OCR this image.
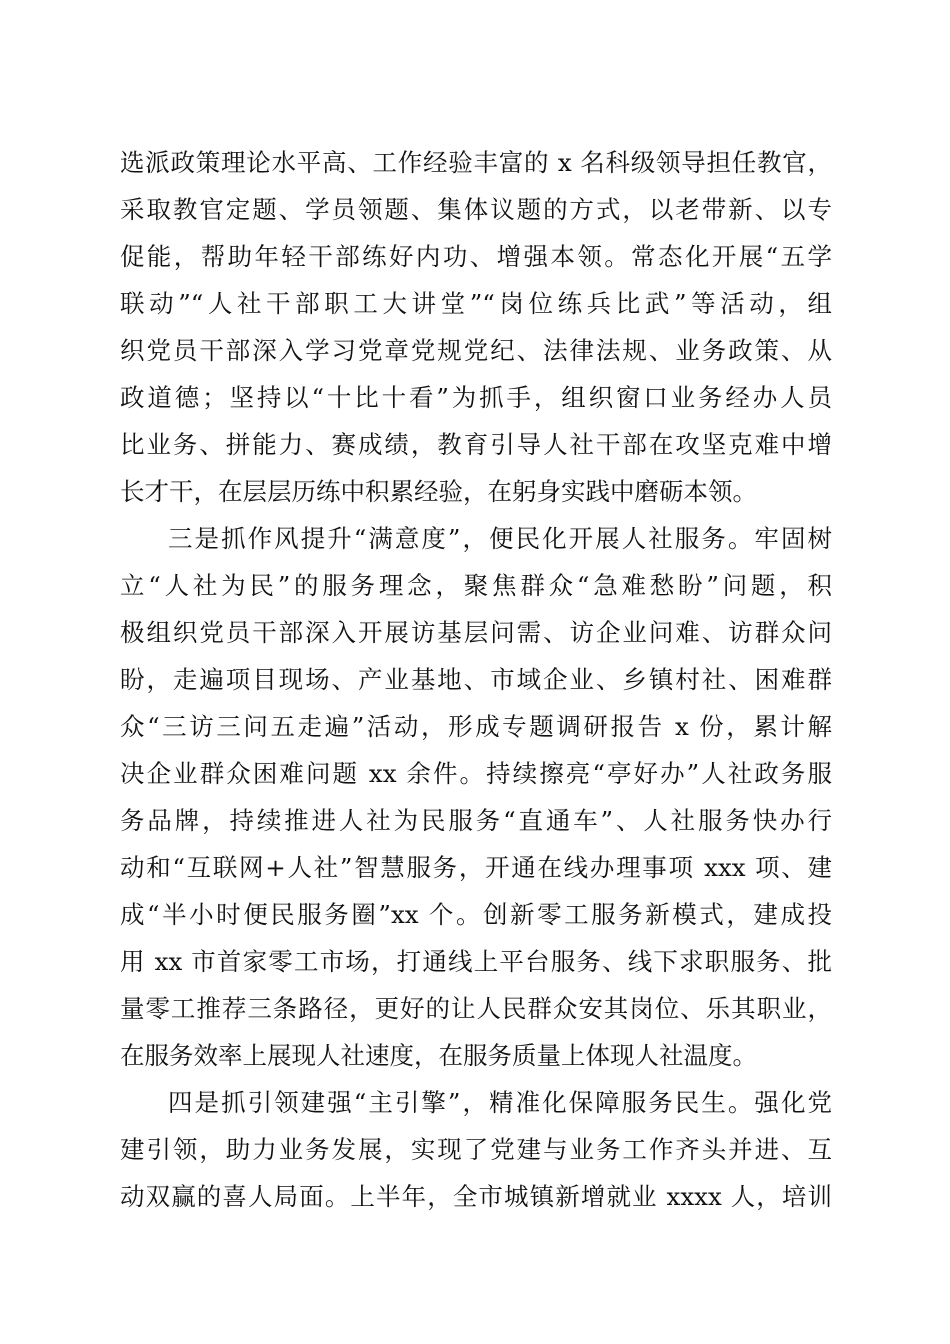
选派政策理论水平高、工作经验丰富的 x 名科级领导担任教官，
采取教官定题、学员领题、集体议题的方式，以老带新、以专
促能，帮助年轻干部练好内功、增强本领。常态化开展“五学
联动”“人社干部职工大讲堂”“岗位练兵比武”等活动，组
织党员干部深入学习党章党规党纪、法律法规、业务政策、从
政道德；坚持以“十比十看”为抓手，组织窗口业务经办人员
比业务、拼能力、赛成绩，教育引导人社干部在攻坚克难中增
长才干，在层层历练中积累经验，在躬身实践中磨砺本领。
三是抓作风提升“满意度”，便民化开展人社服务。牢固树
立“人社为民”的服务理念，聚焦群众“急难愁盼”问题，积
极组织党员干部深入开展访基层问需、访企业问难、访群众问
盼，走遍项目现场、产业基地、市域企业、乡镇村社、困难群
众“三访三问五走遍”活动，形成专题调研报告 x 份，累计解
决企业群众困难问题 xx 余件。持续擦亮“亭好办”人社政务服
务品牌，持续推进人社为民服务“直通车”、人社服务快办行
动和“互联网+人社”智慧服务，开通在线办理事项 xxx 项、建
成“半小时便民服务圈”xx 个。创新零工服务新模式，建成投
用 xx 市首家零工市场，打通线上平台服务、线下求职服务、批
量零工推荐三条路径，更好的让人民群众安其岗位、乐其职业，
在服务效率上展现人社速度，在服务质量上体现人社温度。
四是抓引领建强“主引擎”，精准化保障服务民生。强化党
建引领，助力业务发展，实现了党建与业务工作齐头并进、互
动双赢的喜人局面。上半年，全市城镇新增就业 xxxx 人，培训
